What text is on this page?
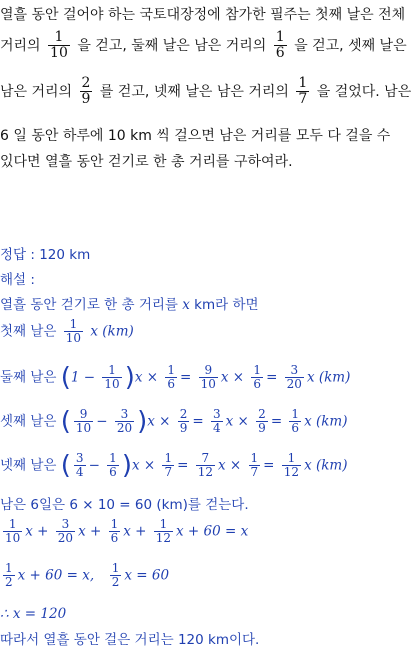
열흘 동안 걸어야 하는 국토대장정에 참가한 필주는 첫째 날은 전체
거리의 $\frac{1}{10}$ 을 걷고, 둘째 날은 남은 거리의 $\frac{1}{6}$ 을 걷고, 셋째 날은
남은 거리의 $\frac{2}{9}$ 를 걷고, 넷째 날은 남은 거리의 $\frac{1}{7}$ 을 걸었다. 남은
6 일 동안 하루에 10 km 씩 걸으면 남은 거리를 모두 다 걸을 수
있다면 열흘 동안 걷기로 한 총 거리를 구하여라.
정답 : 120 km
해설 :
열흘 동안 걷기로 한 총 거리를 x km라 하면
첫째 날은 $\frac{1}{10}$ x (km)
둘째 날은 $(1 - \frac{1}{10} )x \times \frac{1}{6} = \frac{9}{10}$ $x \times \frac{1}{6} = \frac{3}{20}$ x (km)
셋째 날은 ( $\frac{9}{10} - \frac{3}{20} )x \times \frac{2}{9} = \frac{3}{4}$ $x \times \frac{2}{9} = \frac{1}{6}$ x (km)
넷째 날은 ( $\frac{3}{4} - \frac{1}{6} )x \times \frac{1}{7} = \frac{7}{12}$ $x \times \frac{1}{7} = \frac{1}{12}$ x (km)
남은 6일은 6 × 10 = 60 (km)를 걷는다.
$\frac{1}{10}$ $x + \frac{3}{20}$ $x + \frac{1}{6}$ $x + \frac{1}{12}$ x + 60 = x
$\frac{1}{2}$ x + 60 = x, $\frac{1}{2}$ x = 60
∴ x = 120
따라서 열흘 동안 걸은 거리는 120 km이다.
